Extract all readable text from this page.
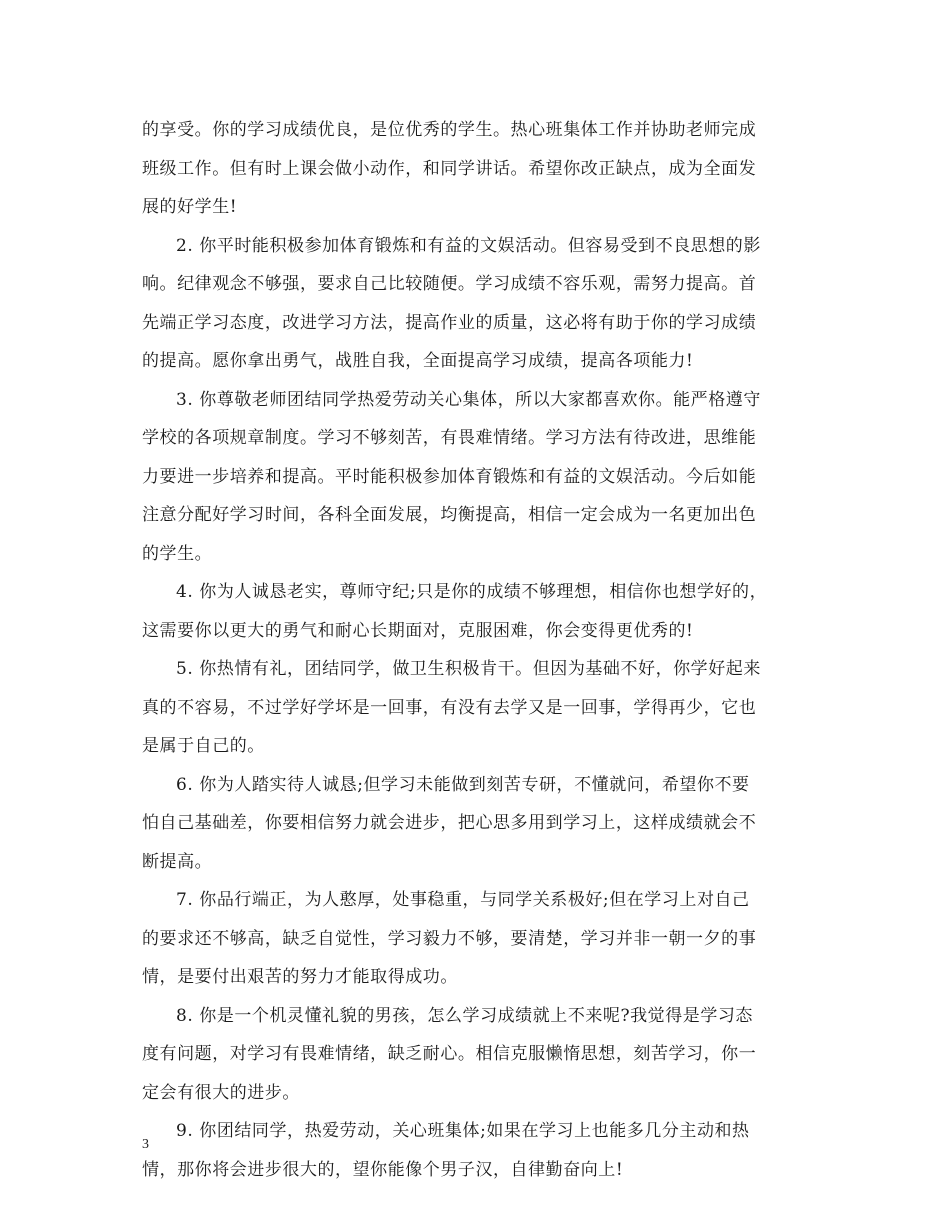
的享受。你的学习成绩优良，是位优秀的学生。热心班集体工作并协助老师完成
班级工作。但有时上课会做小动作，和同学讲话。希望你改正缺点，成为全面发
展的好学生!
2. 你平时能积极参加体育锻炼和有益的文娱活动。但容易受到不良思想的影
响。纪律观念不够强，要求自己比较随便。学习成绩不容乐观，需努力提高。首
先端正学习态度，改进学习方法，提高作业的质量，这必将有助于你的学习成绩
的提高。愿你拿出勇气，战胜自我，全面提高学习成绩，提高各项能力!
3. 你尊敬老师团结同学热爱劳动关心集体，所以大家都喜欢你。能严格遵守
学校的各项规章制度。学习不够刻苦，有畏难情绪。学习方法有待改进，思维能
力要进一步培养和提高。平时能积极参加体育锻炼和有益的文娱活动。今后如能
注意分配好学习时间，各科全面发展，均衡提高，相信一定会成为一名更加出色
的学生。
4. 你为人诚恳老实，尊师守纪;只是你的成绩不够理想，相信你也想学好的，
这需要你以更大的勇气和耐心长期面对，克服困难，你会变得更优秀的!
5. 你热情有礼，团结同学，做卫生积极肯干。但因为基础不好，你学好起来
真的不容易，不过学好学坏是一回事，有没有去学又是一回事，学得再少，它也
是属于自己的。
6. 你为人踏实待人诚恳;但学习未能做到刻苦专研，不懂就问，希望你不要
怕自己基础差，你要相信努力就会进步，把心思多用到学习上，这样成绩就会不
断提高。
7. 你品行端正，为人憨厚，处事稳重，与同学关系极好;但在学习上对自己
的要求还不够高，缺乏自觉性，学习毅力不够，要清楚，学习并非一朝一夕的事
情，是要付出艰苦的努力才能取得成功。
8. 你是一个机灵懂礼貌的男孩，怎么学习成绩就上不来呢?我觉得是学习态
度有问题，对学习有畏难情绪，缺乏耐心。相信克服懒惰思想，刻苦学习，你一
定会有很大的进步。
9. 你团结同学，热爱劳动，关心班集体;如果在学习上也能多几分主动和热
情，那你将会进步很大的，望你能像个男子汉，自律勤奋向上!
3
